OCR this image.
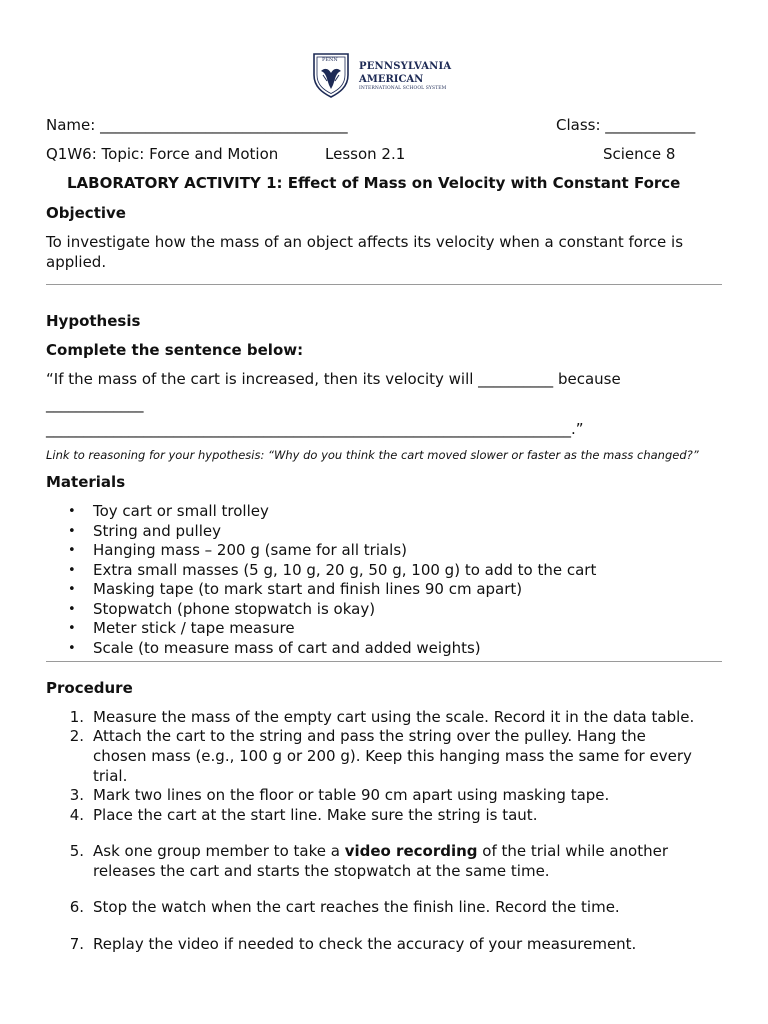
PENNSYLVANIA
AMERICAN
INTERNATIONAL SCHOOL SYSTEM
PENN
Name: _________________________________	Class: ____________
Q1W6: Topic: Force and Motion	Lesson 2.1	Science 8
LABORATORY ACTIVITY 1: Effect of Mass on Velocity with Constant Force
Objective
To investigate how the mass of an object affects its velocity when a constant force is
applied.
Hypothesis
Complete the sentence below:
“If the mass of the cart is increased, then its velocity will __________ because
_____________
______________________________________________________________________.”
Link to reasoning for your hypothesis: “Why do you think the cart moved slower or faster as the mass changed?”
Materials
• Toy cart or small trolley
• String and pulley
• Hanging mass – 200 g (same for all trials)
• Extra small masses (5 g, 10 g, 20 g, 50 g, 100 g) to add to the cart
• Masking tape (to mark start and finish lines 90 cm apart)
• Stopwatch (phone stopwatch is okay)
• Meter stick / tape measure
• Scale (to measure mass of cart and added weights)
Procedure
1. Measure the mass of the empty cart using the scale. Record it in the data table.
2. Attach the cart to the string and pass the string over the pulley. Hang the
chosen mass (e.g., 100 g or 200 g). Keep this hanging mass the same for every
trial.
3. Mark two lines on the floor or table 90 cm apart using masking tape.
4. Place the cart at the start line. Make sure the string is taut.
5. Ask one group member to take a video recording of the trial while another
releases the cart and starts the stopwatch at the same time.
6. Stop the watch when the cart reaches the finish line. Record the time.
7. Replay the video if needed to check the accuracy of your measurement.
